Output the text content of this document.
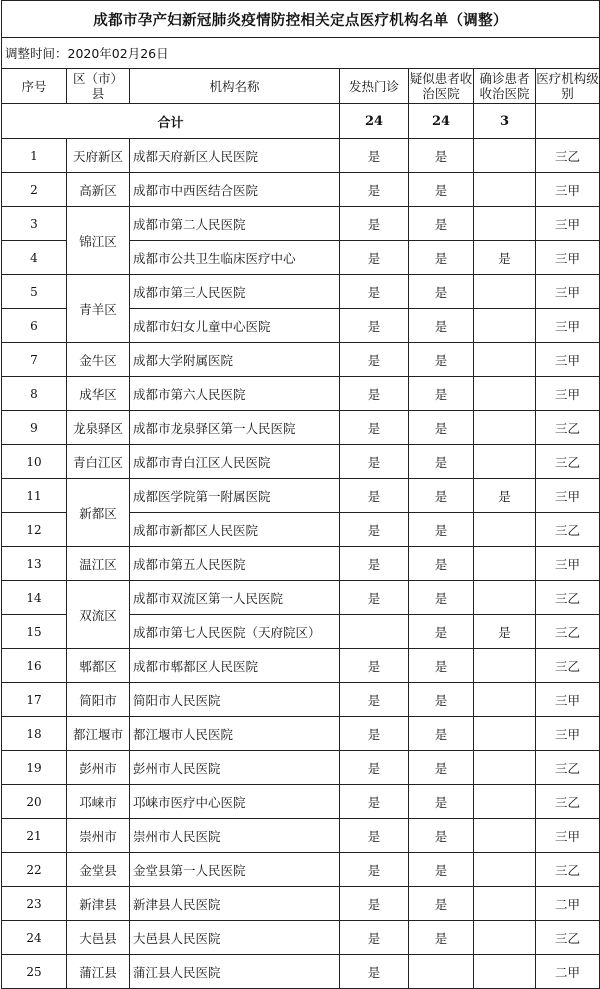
成都市孕产妇新冠肺炎疫情防控相关定点医疗机构名单（调整）						
调整时间：2020年02月26日						
序号	区（市）县	机构名称	发热门诊	疑似患者收治医院	确诊患者收治医院	医疗机构级别
合计			24	24	3	
1	天府新区	成都天府新区人民医院	是	是		三乙
2	高新区	成都市中西医结合医院	是	是		三甲
3	锦江区	成都市第二人民医院	是	是		三甲
4		成都市公共卫生临床医疗中心	是	是	是	三甲
5	青羊区	成都市第三人民医院	是	是		三甲
6		成都市妇女儿童中心医院	是	是		三甲
7	金牛区	成都大学附属医院	是	是		三甲
8	成华区	成都市第六人民医院	是	是		三甲
9	龙泉驿区	成都市龙泉驿区第一人民医院	是	是		三乙
10	青白江区	成都市青白江区人民医院	是	是		三乙
11	新都区	成都医学院第一附属医院	是	是	是	三甲
12		成都市新都区人民医院	是	是		三乙
13	温江区	成都市第五人民医院	是	是		三甲
14	双流区	成都市双流区第一人民医院	是	是		三乙
15		成都市第七人民医院（天府院区）		是	是	三乙
16	郫都区	成都市郫都区人民医院	是	是		三乙
17	简阳市	简阳市人民医院	是	是		三甲
18	都江堰市	都江堰市人民医院	是	是		三甲
19	彭州市	彭州市人民医院	是	是		三乙
20	邛崃市	邛崃市医疗中心医院	是	是		三乙
21	崇州市	崇州市人民医院	是	是		三甲
22	金堂县	金堂县第一人民医院	是	是		三乙
23	新津县	新津县人民医院	是	是		二甲
24	大邑县	大邑县人民医院	是	是		三乙
25	蒲江县	蒲江县人民医院	是			二甲
